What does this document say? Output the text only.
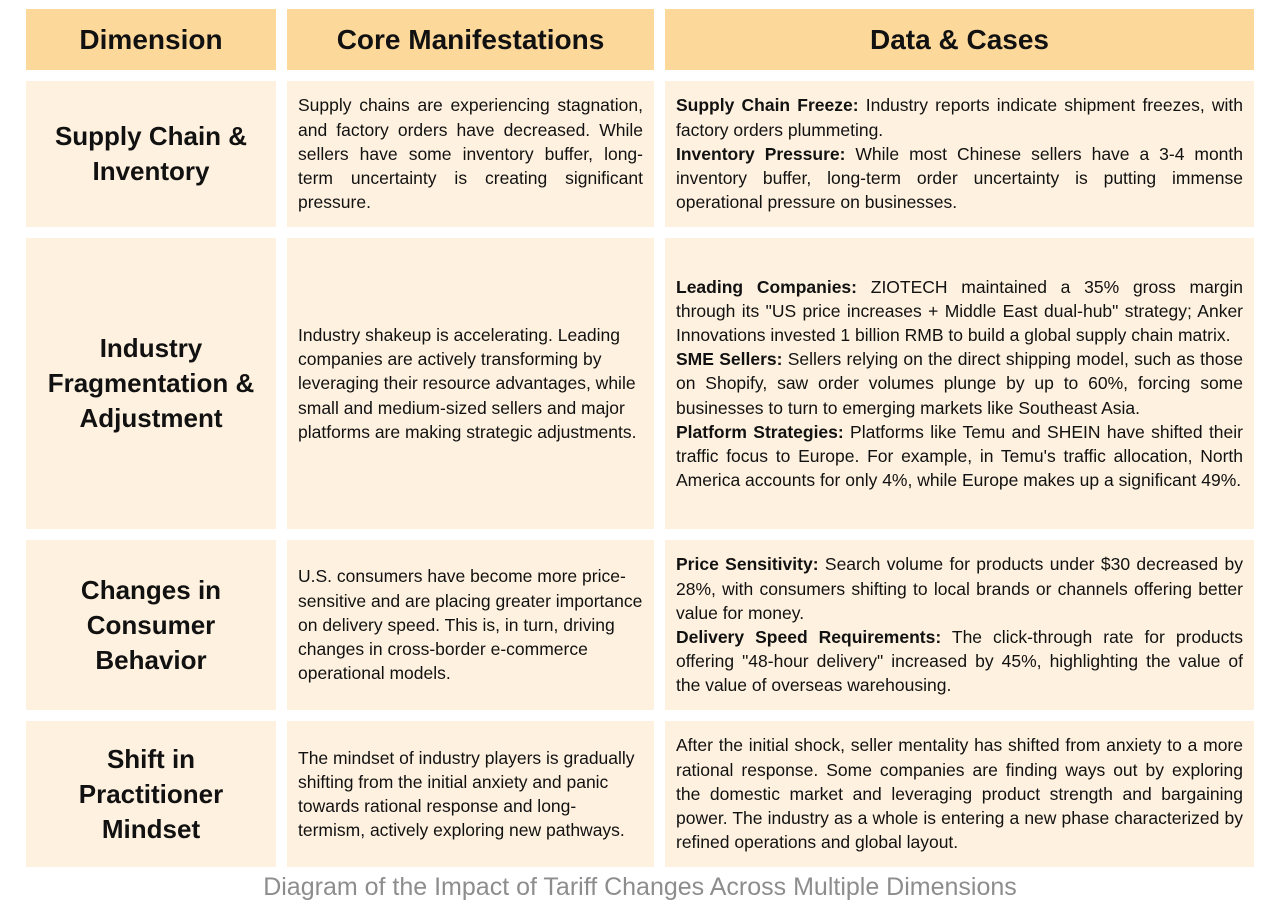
Dimension	Core Manifestations	Data & Cases
Supply Chain &
Inventory

Supply chains are experiencing stagnation, and factory orders have decreased. While sellers have some inventory buffer, long-term uncertainty is creating significant pressure.

Supply Chain Freeze: Industry reports indicate shipment freezes, with factory orders plummeting.

Inventory Pressure: While most Chinese sellers have a 3-4 month inventory buffer, long-term order uncertainty is putting immense operational pressure on businesses.

Industry
Fragmentation &
Adjustment

Industry shakeup is accelerating. Leading companies are actively transforming by leveraging their resource advantages, while small and medium-sized sellers and major platforms are making strategic adjustments.

Leading Companies: ZIOTECH maintained a 35% gross margin through its "US price increases + Middle East dual-hub" strategy; Anker Innovations invested 1 billion RMB to build a global supply chain matrix.

SME Sellers: Sellers relying on the direct shipping model, such as those on Shopify, saw order volumes plunge by up to 60%, forcing some businesses to turn to emerging markets like Southeast Asia.

Platform Strategies: Platforms like Temu and SHEIN have shifted their traffic focus to Europe. For example, in Temu's traffic allocation, North America accounts for only 4%, while Europe makes up a significant 49%.

Changes in
Consumer
Behavior

U.S. consumers have become more price-sensitive and are placing greater importance on delivery speed. This is, in turn, driving changes in cross-border e-commerce operational models.

Price Sensitivity: Search volume for products under $30 decreased by 28%, with consumers shifting to local brands or channels offering better value for money.

Delivery Speed Requirements: The click-through rate for products offering "48-hour delivery" increased by 45%, highlighting the value of the value of overseas warehousing.

Shift in
Practitioner
Mindset

The mindset of industry players is gradually shifting from the initial anxiety and panic towards rational response and long-termism, actively exploring new pathways.

After the initial shock, seller mentality has shifted from anxiety to a more rational response. Some companies are finding ways out by exploring the domestic market and leveraging product strength and bargaining power. The industry as a whole is entering a new phase characterized by refined operations and global layout.

Diagram of the Impact of Tariff Changes Across Multiple Dimensions
